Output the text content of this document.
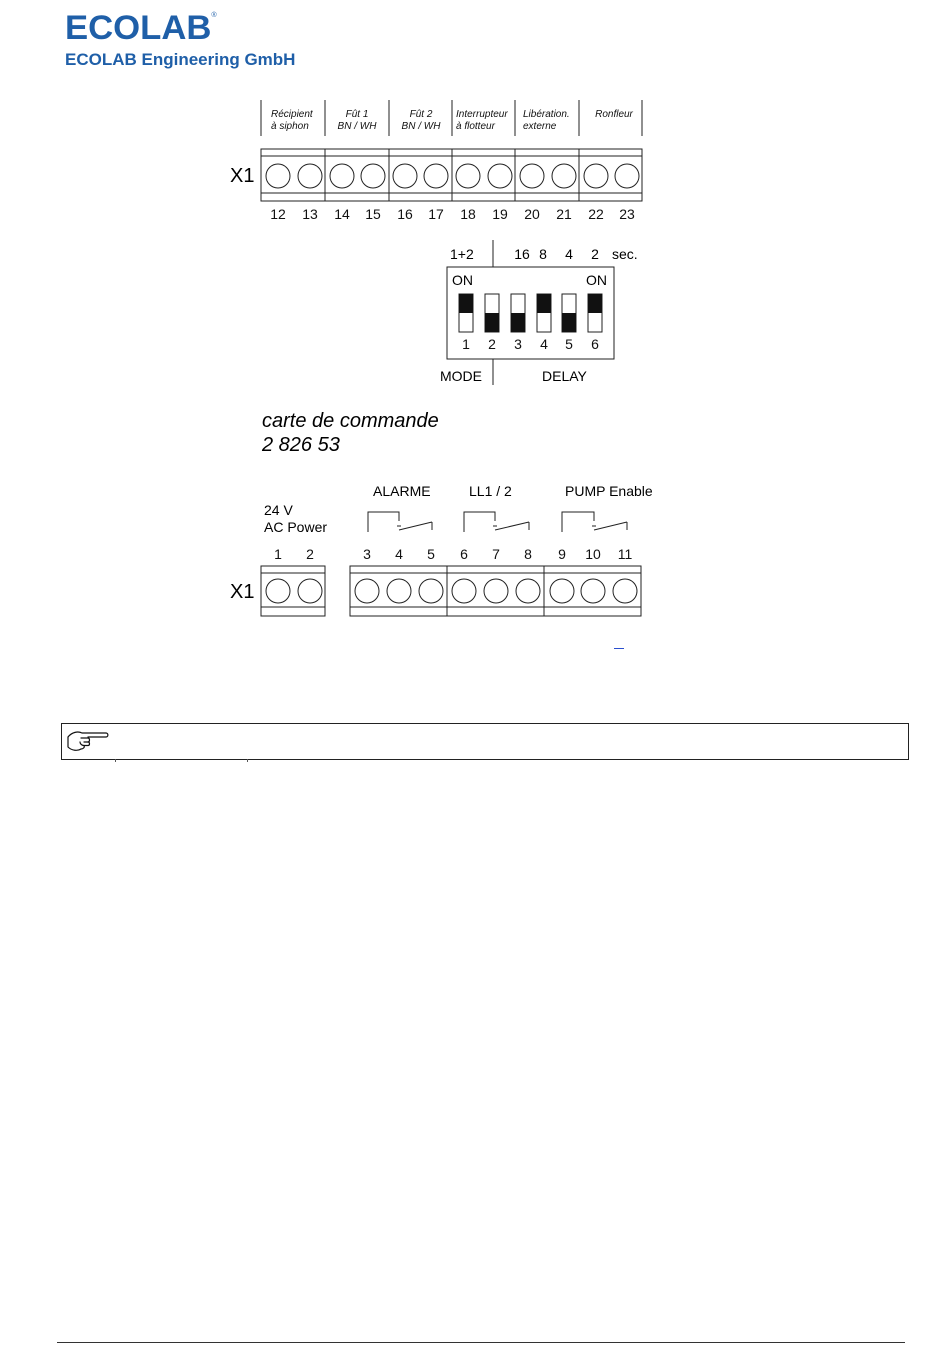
ECOLAB®
ECOLAB Engineering GmbH
Récipient
à siphon
Fût 1
BN / WH
Fût 2
BN / WH
Interrupteur
à flotteur
Libération.
externe
Ronfleur
X1
12 13 14 15 16 17 18 19 20 21 22 23
1+2	16 8 4 2 sec.
ON	ON
1 2 3 4 5 6
MODE	DELAY
carte de commande
2 826 53
ALARME	LL1 / 2	PUMP Enable
24 V
AC Power
1 2	3 4 5 6 7 8 9 10 11
X1
